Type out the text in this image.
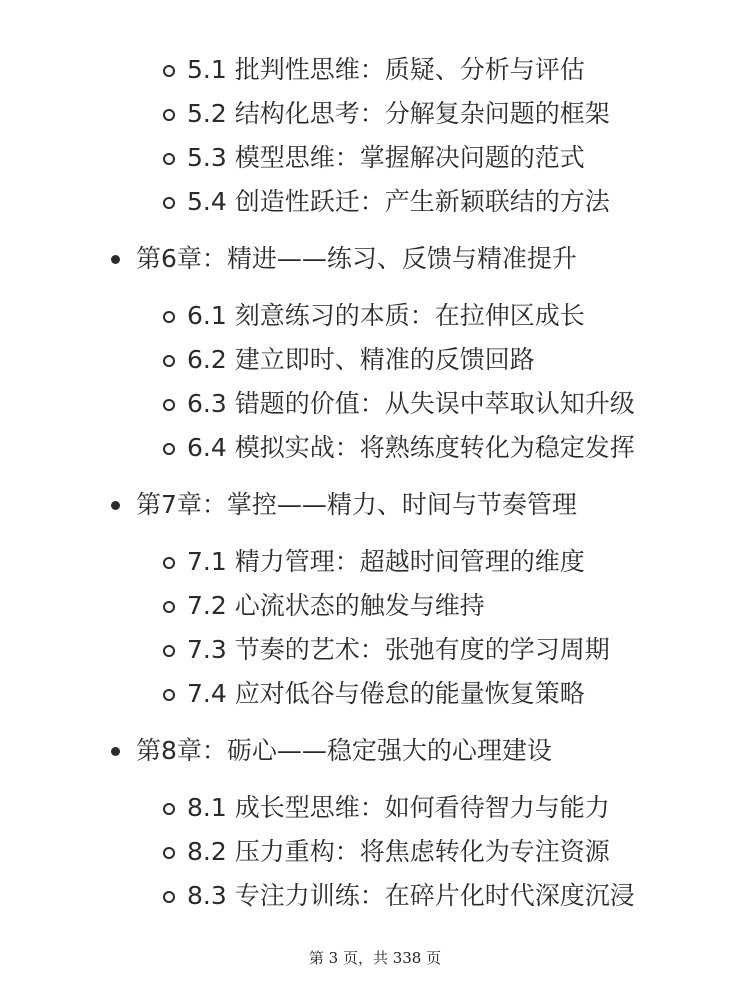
5.1 批判性思维：质疑、分析与评估
5.2 结构化思考：分解复杂问题的框架
5.3 模型思维：掌握解决问题的范式
5.4 创造性跃迁：产生新颖联结的方法
第6章：精进——练习、反馈与精准提升
6.1 刻意练习的本质：在拉伸区成长
6.2 建立即时、精准的反馈回路
6.3 错题的价值：从失误中萃取认知升级
6.4 模拟实战：将熟练度转化为稳定发挥
第7章：掌控——精力、时间与节奏管理
7.1 精力管理：超越时间管理的维度
7.2 心流状态的触发与维持
7.3 节奏的艺术：张弛有度的学习周期
7.4 应对低谷与倦怠的能量恢复策略
第8章：砺心——稳定强大的心理建设
8.1 成长型思维：如何看待智力与能力
8.2 压力重构：将焦虑转化为专注资源
8.3 专注力训练：在碎片化时代深度沉浸
第 3 页，共 338 页
